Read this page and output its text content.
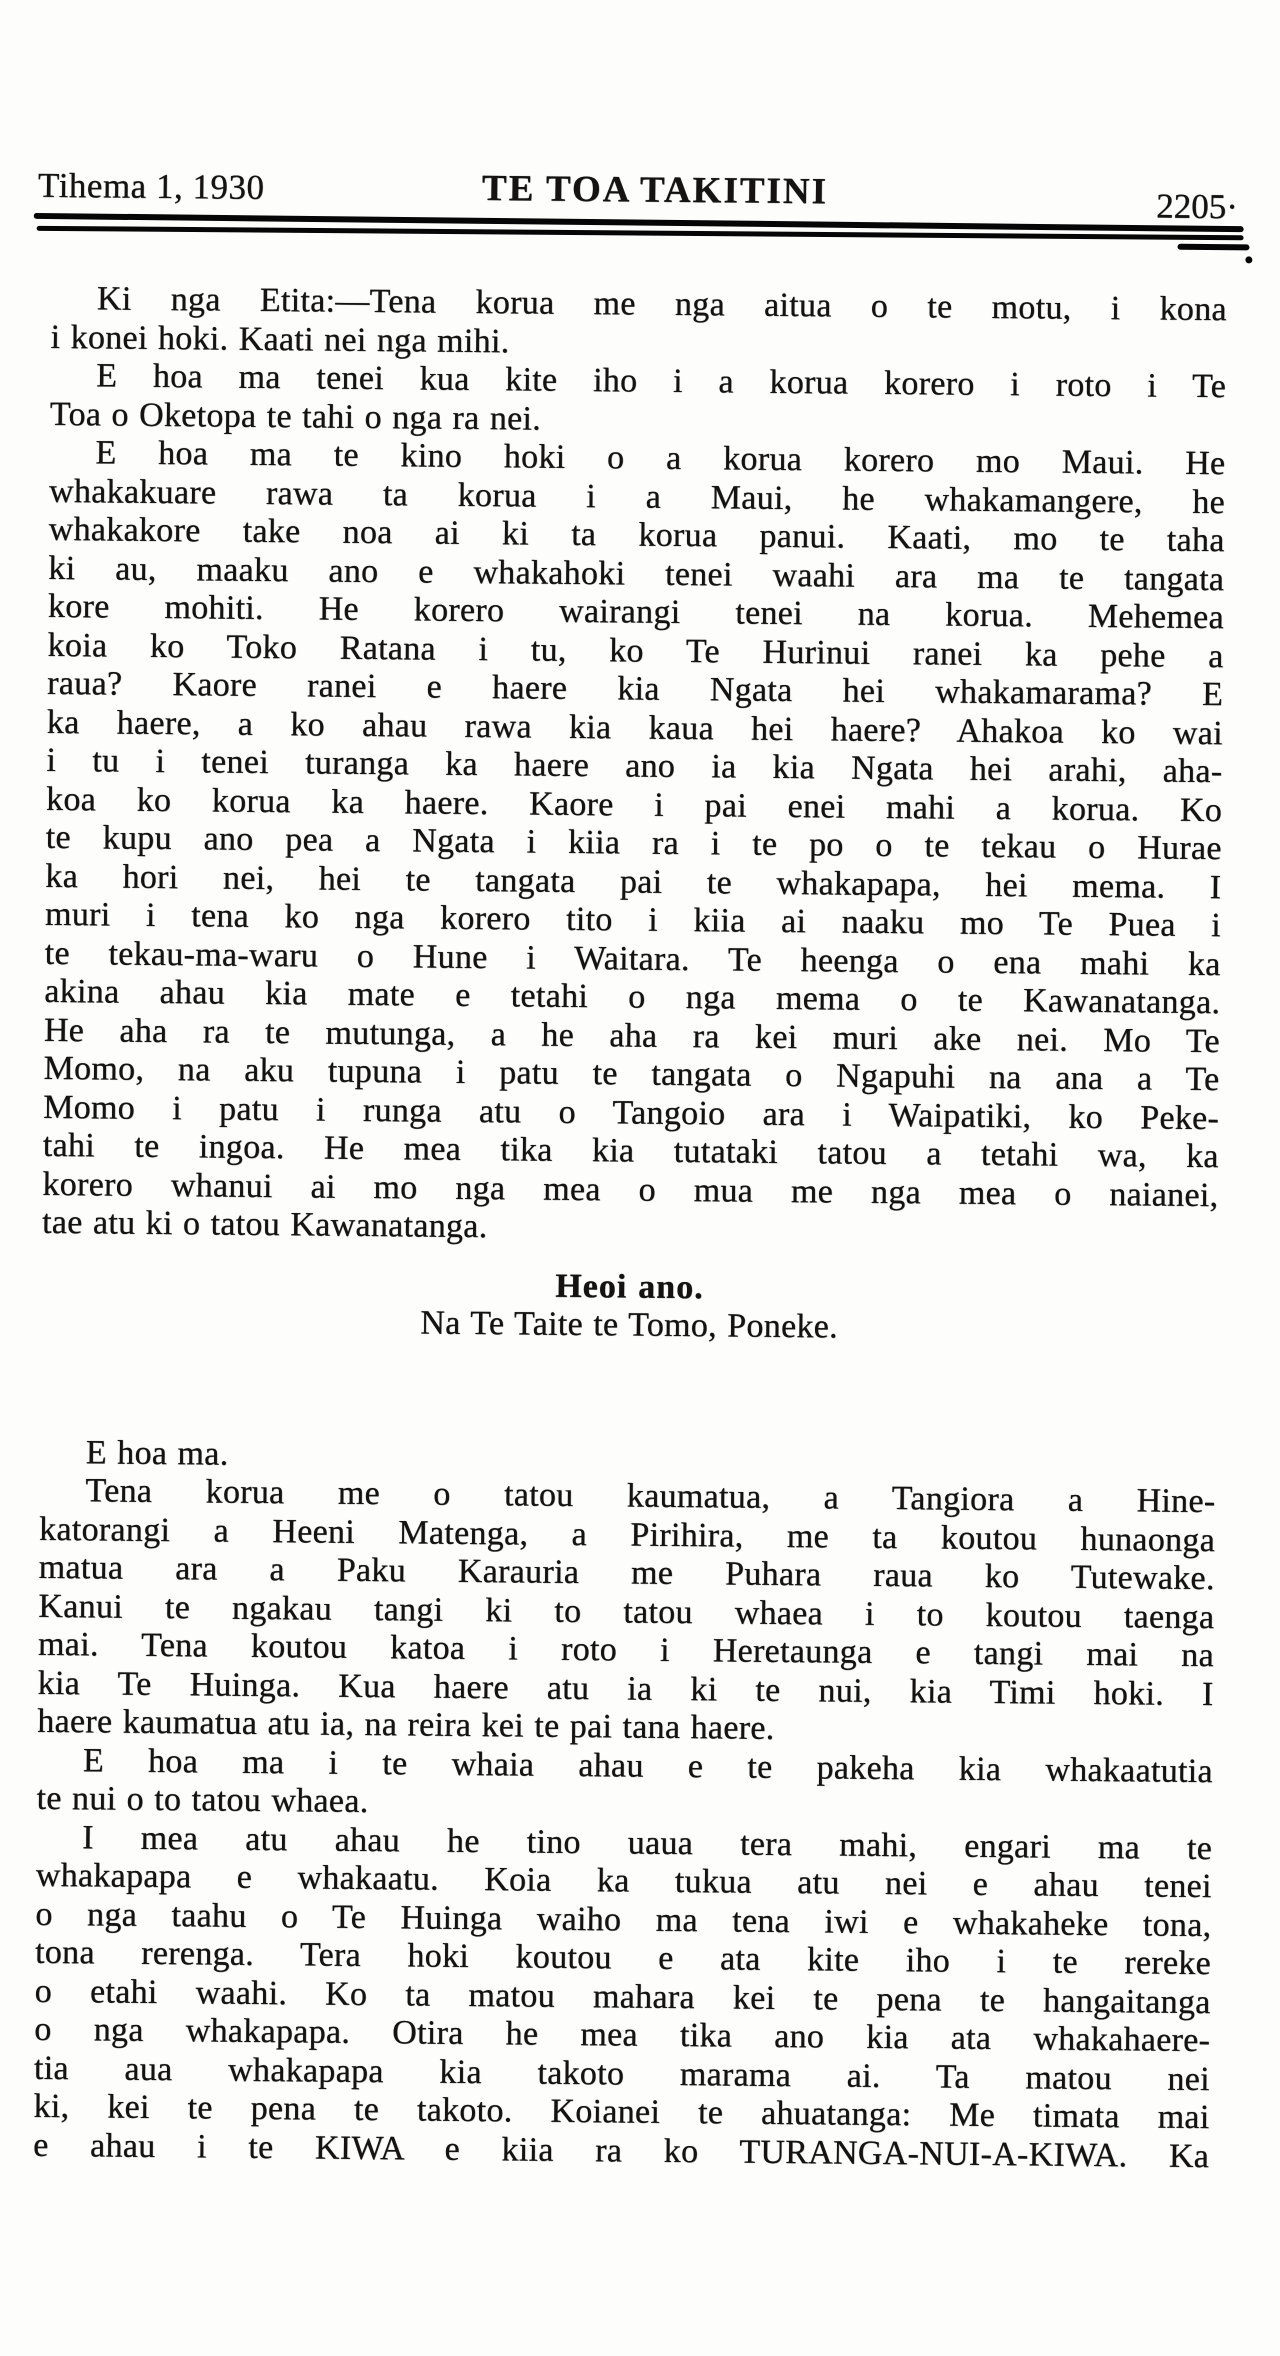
Tihema 1, 1930	TE TOA TAKITINI	2205·
Ki nga Etita:—Tena korua me nga aitua o te motu, i kona
i konei hoki. Kaati nei nga mihi.
E hoa ma tenei kua kite iho i a korua korero i roto i Te
Toa o Oketopa te tahi o nga ra nei.
E hoa ma te kino hoki o a korua korero mo Maui. He
whakakuare rawa ta korua i a Maui, he whakamangere, he
whakakore take noa ai ki ta korua panui. Kaati, mo te taha
ki au, maaku ano e whakahoki tenei waahi ara ma te tangata
kore mohiti. He korero wairangi tenei na korua. Mehemea
koia ko Toko Ratana i tu, ko Te Hurinui ranei ka pehe a
raua? Kaore ranei e haere kia Ngata hei whakamarama? E
ka haere, a ko ahau rawa kia kaua hei haere? Ahakoa ko wai
i tu i tenei turanga ka haere ano ia kia Ngata hei arahi, aha-
koa ko korua ka haere. Kaore i pai enei mahi a korua. Ko
te kupu ano pea a Ngata i kiia ra i te po o te tekau o Hurae
ka hori nei, hei te tangata pai te whakapapa, hei mema. I
muri i tena ko nga korero tito i kiia ai naaku mo Te Puea i
te tekau-ma-waru o Hune i Waitara. Te heenga o ena mahi ka
akina ahau kia mate e tetahi o nga mema o te Kawanatanga.
He aha ra te mutunga, a he aha ra kei muri ake nei. Mo Te
Momo, na aku tupuna i patu te tangata o Ngapuhi na ana a Te
Momo i patu i runga atu o Tangoio ara i Waipatiki, ko Peke-
tahi te ingoa. He mea tika kia tutataki tatou a tetahi wa, ka
korero whanui ai mo nga mea o mua me nga mea o naianei,
tae atu ki o tatou Kawanatanga.
Heoi ano.
Na Te Taite te Tomo, Poneke.
E hoa ma.
Tena korua me o tatou kaumatua, a Tangiora a Hine-
katorangi a Heeni Matenga, a Pirihira, me ta koutou hunaonga
matua ara a Paku Karauria me Puhara raua ko Tutewake.
Kanui te ngakau tangi ki to tatou whaea i to koutou taenga
mai. Tena koutou katoa i roto i Heretaunga e tangi mai na
kia Te Huinga. Kua haere atu ia ki te nui, kia Timi hoki. I
haere kaumatua atu ia, na reira kei te pai tana haere.
E hoa ma i te whaia ahau e te pakeha kia whakaatutia
te nui o to tatou whaea.
I mea atu ahau he tino uaua tera mahi, engari ma te
whakapapa e whakaatu. Koia ka tukua atu nei e ahau tenei
o nga taahu o Te Huinga waiho ma tena iwi e whakaheke tona,
tona rerenga. Tera hoki koutou e ata kite iho i te rereke
o etahi waahi. Ko ta matou mahara kei te pena te hangaitanga
o nga whakapapa. Otira he mea tika ano kia ata whakahaere-
tia aua whakapapa kia takoto marama ai. Ta matou nei
ki, kei te pena te takoto. Koianei te ahuatanga: Me timata mai
e ahau i te KIWA e kiia ra ko TURANGA-NUI-A-KIWA. Ka
